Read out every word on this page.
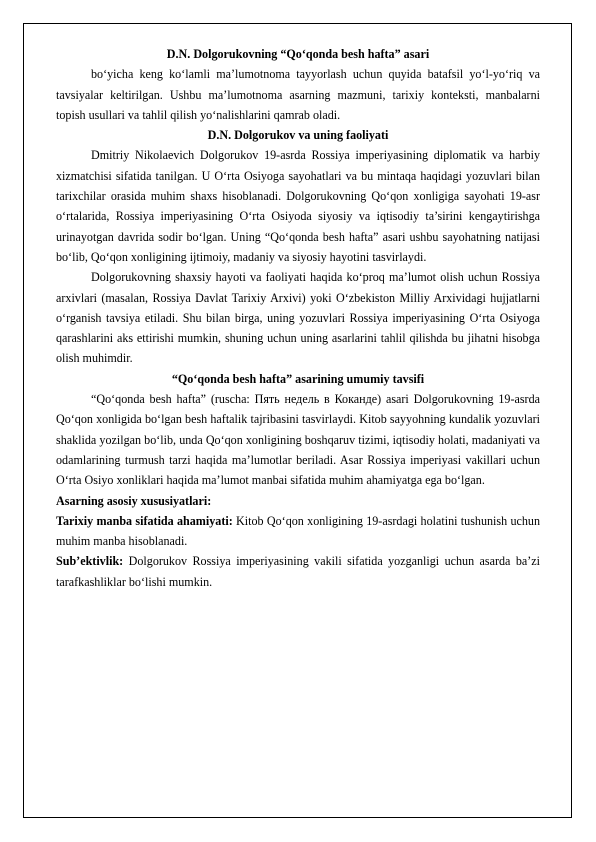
D.N. Dolgorukovning “Qo‘qonda besh hafta” asari

bo‘yicha keng ko‘lamli ma’lumotnoma tayyorlash uchun quyida batafsil yo‘l-yo‘riq va tavsiyalar keltirilgan. Ushbu ma’lumotnoma asarning mazmuni, tarixiy konteksti, manbalarni topish usullari va tahlil qilish yo‘nalishlarini qamrab oladi.

D.N. Dolgorukov va uning faoliyati

Dmitriy Nikolaevich Dolgorukov 19-asrda Rossiya imperiyasining diplomatik va harbiy xizmatchisi sifatida tanilgan. U O‘rta Osiyoga sayohatlari va bu mintaqa haqidagi yozuvlari bilan tarixchilar orasida muhim shaxs hisoblanadi. Dolgorukovning Qo‘qon xonligiga sayohati 19-asr o‘rtalarida, Rossiya imperiyasining O‘rta Osiyoda siyosiy va iqtisodiy ta’sirini kengaytirishga urinayotgan davrida sodir bo‘lgan. Uning “Qo‘qonda besh hafta” asari ushbu sayohatning natijasi bo‘lib, Qo‘qon xonligining ijtimoiy, madaniy va siyosiy hayotini tasvirlaydi.

Dolgorukovning shaxsiy hayoti va faoliyati haqida ko‘proq ma’lumot olish uchun Rossiya arxivlari (masalan, Rossiya Davlat Tarixiy Arxivi) yoki O‘zbekiston Milliy Arxividagi hujjatlarni o‘rganish tavsiya etiladi. Shu bilan birga, uning yozuvlari Rossiya imperiyasining O‘rta Osiyoga qarashlarini aks ettirishi mumkin, shuning uchun uning asarlarini tahlil qilishda bu jihatni hisobga olish muhimdir.

“Qo‘qonda besh hafta” asarining umumiy tavsifi

“Qo‘qonda besh hafta” (ruscha: Пять недель в Коканде) asari Dolgorukovning 19-asrda Qo‘qon xonligida bo‘lgan besh haftalik tajribasini tasvirlaydi. Kitob sayyohning kundalik yozuvlari shaklida yozilgan bo‘lib, unda Qo‘qon xonligining boshqaruv tizimi, iqtisodiy holati, madaniyati va odamlarining turmush tarzi haqida ma’lumotlar beriladi. Asar Rossiya imperiyasi vakillari uchun O‘rta Osiyo xonliklari haqida ma’lumot manbai sifatida muhim ahamiyatga ega bo‘lgan.

Asarning asosiy xususiyatlari:

Tarixiy manba sifatida ahamiyati: Kitob Qo‘qon xonligining 19-asrdagi holatini tushunish uchun muhim manba hisoblanadi.

Sub’ektivlik: Dolgorukov Rossiya imperiyasining vakili sifatida yozganligi uchun asarda ba’zi tarafkashliklar bo‘lishi mumkin.
